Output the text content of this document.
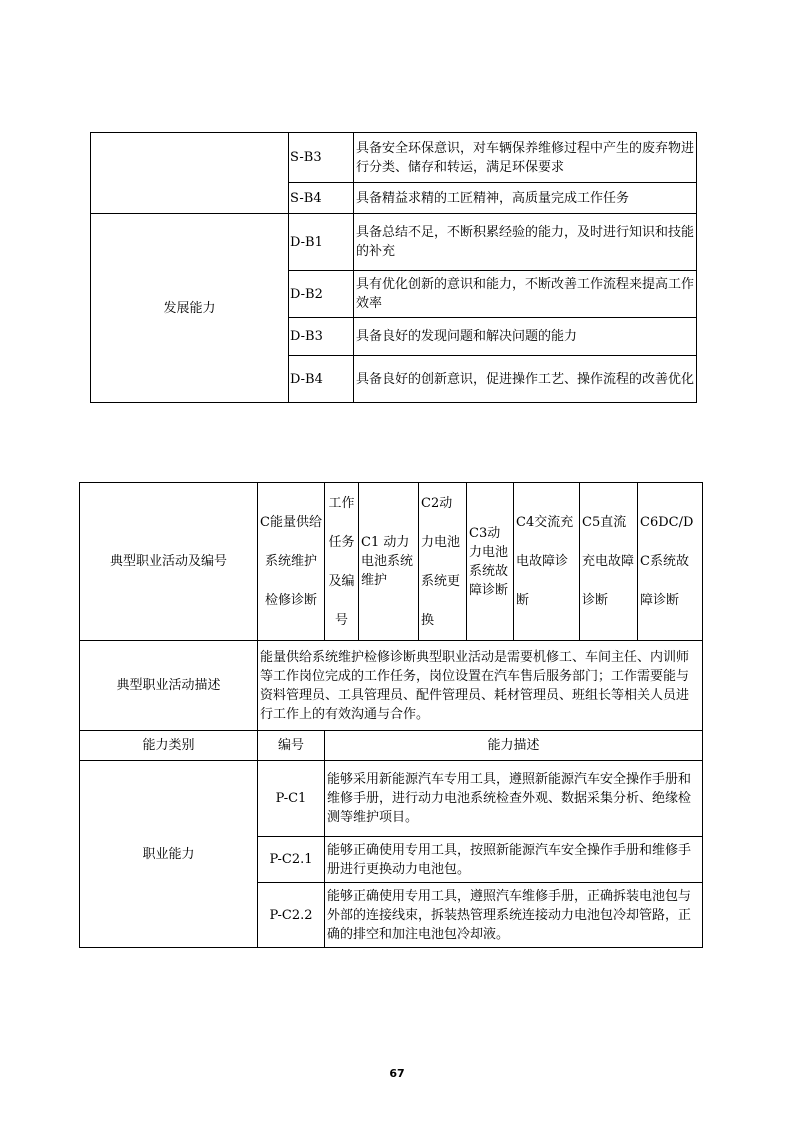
	S-B3	具备安全环保意识，对车辆保养维修过程中产生的废弃物进行分类、储存和转运，满足环保要求
	S-B4	具备精益求精的工匠精神，高质量完成工作任务
发展能力	D-B1	具备总结不足，不断积累经验的能力，及时进行知识和技能的补充
	D-B2	具有优化创新的意识和能力，不断改善工作流程来提高工作效率
	D-B3	具备良好的发现问题和解决问题的能力
	D-B4	具备良好的创新意识，促进操作工艺、操作流程的改善优化
典型职业活动及编号	C能量供给系统维护检修诊断	工作任务及编号	C1 动力电池系统维护	C2动力电池系统更换	C3动力电池系统故障诊断	C4交流充电故障诊断	C5直流充电故障诊断	C6DC/DC系统故障诊断
典型职业活动描述	能量供给系统维护检修诊断典型职业活动是需要机修工、车间主任、内训师等工作岗位完成的工作任务，岗位设置在汽车售后服务部门；工作需要能与资料管理员、工具管理员、配件管理员、耗材管理员、班组长等相关人员进行工作上的有效沟通与合作。							
能力类别	编号	能力描述						
职业能力	P-C1	能够采用新能源汽车专用工具，遵照新能源汽车安全操作手册和维修手册，进行动力电池系统检查外观、数据采集分析、绝缘检测等维护项目。						
	P-C2.1	能够正确使用专用工具，按照新能源汽车安全操作手册和维修手册进行更换动力电池包。						
	P-C2.2	能够正确使用专用工具，遵照汽车维修手册，正确拆装电池包与外部的连接线束，拆装热管理系统连接动力电池包冷却管路，正确的排空和加注电池包冷却液。						
67
